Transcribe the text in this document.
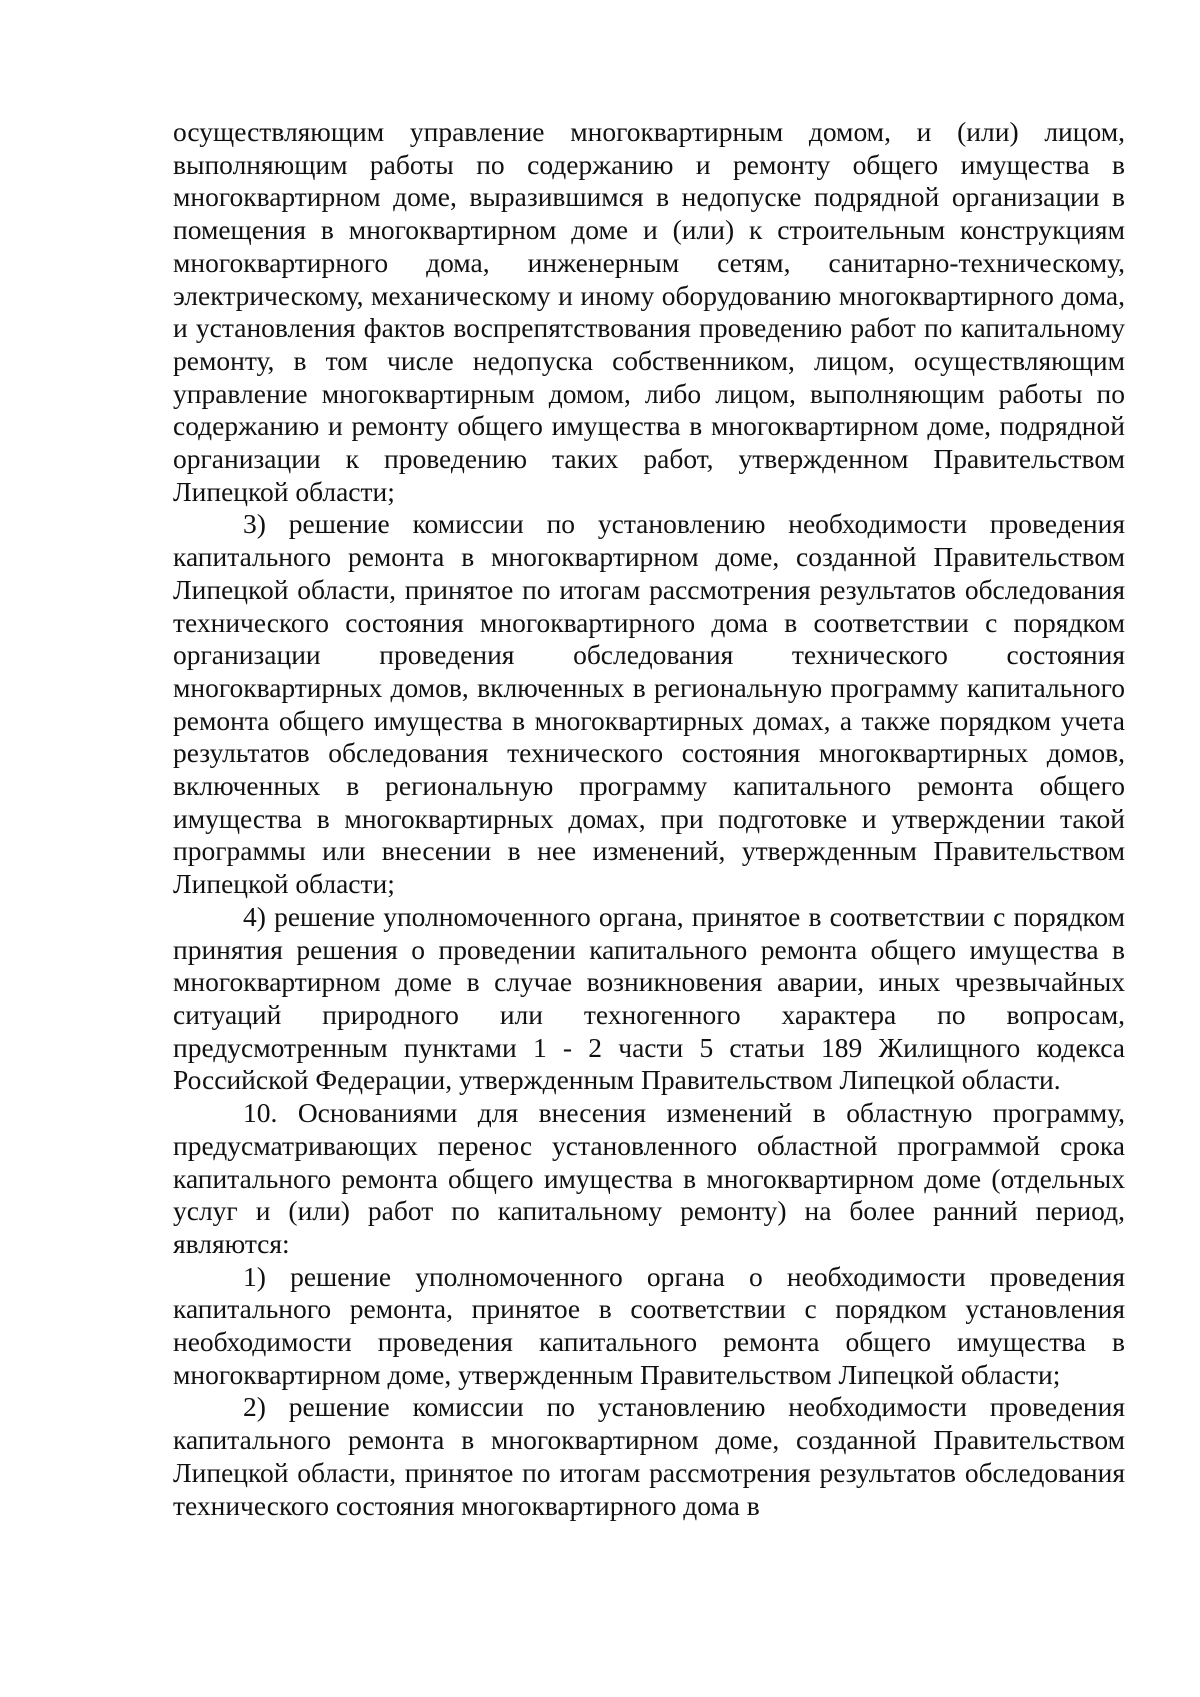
осуществляющим управление многоквартирным домом, и (или) лицом, выполняющим работы по содержанию и ремонту общего имущества в многоквартирном доме, выразившимся в недопуске подрядной организации в помещения в многоквартирном доме и (или) к строительным конструкциям многоквартирного дома, инженерным сетям, санитарно-техническому, электрическому, механическому и иному оборудованию многоквартирного дома, и установления фактов воспрепятствования проведению работ по капитальному ремонту, в том числе недопуска собственником, лицом, осуществляющим управление многоквартирным домом, либо лицом, выполняющим работы по содержанию и ремонту общего имущества в многоквартирном доме, подрядной организации к проведению таких работ, утвержденном Правительством Липецкой области;

3) решение комиссии по установлению необходимости проведения капитального ремонта в многоквартирном доме, созданной Правительством Липецкой области, принятое по итогам рассмотрения результатов обследования технического состояния многоквартирного дома в соответствии с порядком организации проведения обследования технического состояния многоквартирных домов, включенных в региональную программу капитального ремонта общего имущества в многоквартирных домах, а также порядком учета результатов обследования технического состояния многоквартирных домов, включенных в региональную программу капитального ремонта общего имущества в многоквартирных домах, при подготовке и утверждении такой программы или внесении в нее изменений, утвержденным Правительством Липецкой области;

4) решение уполномоченного органа, принятое в соответствии с порядком принятия решения о проведении капитального ремонта общего имущества в многоквартирном доме в случае возникновения аварии, иных чрезвычайных ситуаций природного или техногенного характера по вопросам, предусмотренным пунктами 1 - 2 части 5 статьи 189 Жилищного кодекса Российской Федерации, утвержденным Правительством Липецкой области.

10. Основаниями для внесения изменений в областную программу, предусматривающих перенос установленного областной программой срока капитального ремонта общего имущества в многоквартирном доме (отдельных услуг и (или) работ по капитальному ремонту) на более ранний период, являются:

1) решение уполномоченного органа о необходимости проведения капитального ремонта, принятое в соответствии с порядком установления необходимости проведения капитального ремонта общего имущества в многоквартирном доме, утвержденным Правительством Липецкой области;

2) решение комиссии по установлению необходимости проведения капитального ремонта в многоквартирном доме, созданной Правительством Липецкой области, принятое по итогам рассмотрения результатов обследования технического состояния многоквартирного дома в
